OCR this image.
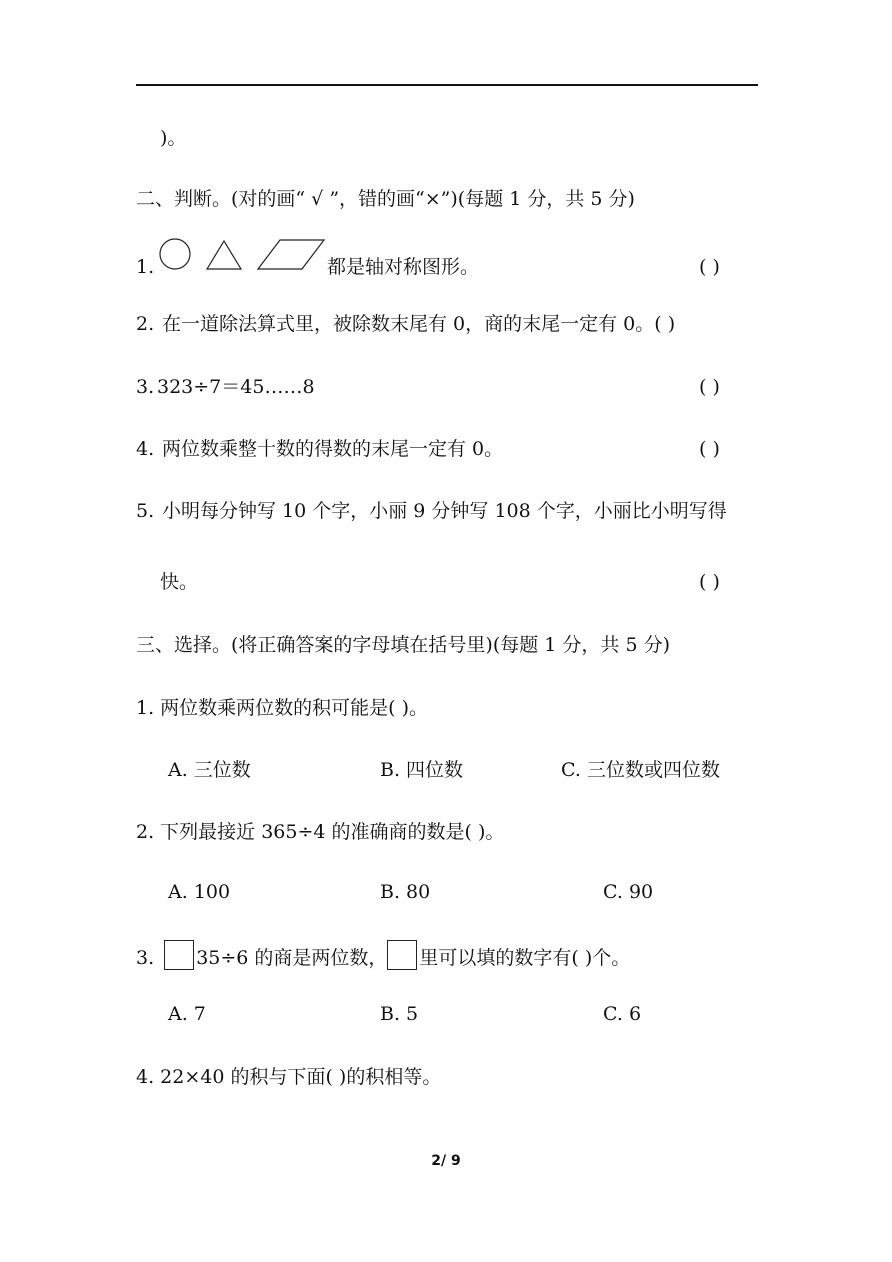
)。
二、判断。(对的画“ √ ”，错的画“×”)(每题 1 分，共 5 分)
1.	都是轴对称图形。	( )
2. 在一道除法算式里，被除数末尾有 0，商的末尾一定有 0。( )
3. 323÷7＝45……8	( )
4. 两位数乘整十数的得数的末尾一定有 0。	( )
5. 小明每分钟写 10 个字，小丽 9 分钟写 108 个字，小丽比小明写得
快。	( )
三、选择。(将正确答案的字母填在括号里)(每题 1 分，共 5 分)
1. 两位数乘两位数的积可能是( )。
A. 三位数	B. 四位数	C. 三位数或四位数
2. 下列最接近 365÷4 的准确商的数是( )。
A. 100	B. 80	C. 90
3. 35÷6 的商是两位数， 里可以填的数字有( )个。
A. 7	B. 5	C. 6
4. 22×40 的积与下面( )的积相等。
2/ 9
